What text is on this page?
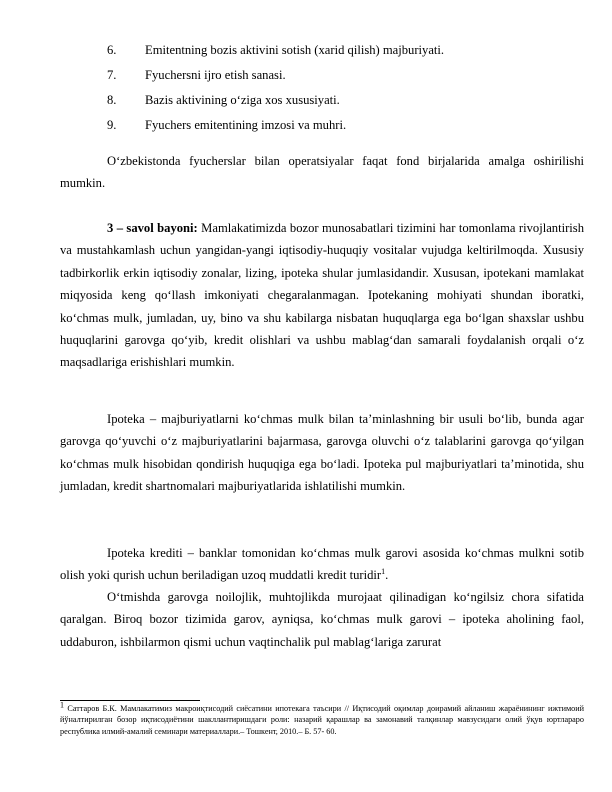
6. Emitentning bozis aktivini sotish (xarid qilish) majburiyati.
7. Fyuchersni ijro etish sanasi.
8. Bazis aktivining o‘ziga xos xususiyati.
9. Fyuchers emitentining imzosi va muhri.

O‘zbekistonda fyucherslar bilan operatsiyalar faqat fond birjalarida amalga oshirilishi mumkin.

3 – savol bayoni: Mamlakatimizda bozor munosabatlari tizimini har tomonlama rivojlantirish va mustahkamlash uchun yangidan-yangi iqtisodiy-huquqiy vositalar vujudga keltirilmoqda. Xususiy tadbirkorlik erkin iqtisodiy zonalar, lizing, ipoteka shular jumlasidandir. Xususan, ipotekani mamlakat miqyosida keng qo‘llash imkoniyati chegaralanmagan. Ipotekaning mohiyati shundan iboratki, ko‘chmas mulk, jumladan, uy, bino va shu kabilarga nisbatan huquqlarga ega bo‘lgan shaxslar ushbu huquqlarini garovga qo‘yib, kredit olishlari va ushbu mablag‘dan samarali foydalanish orqali o‘z maqsadlariga erishishlari mumkin.

Ipoteka – majburiyatlarni ko‘chmas mulk bilan ta’minlashning bir usuli bo‘lib, bunda agar garovga qo‘yuvchi o‘z majburiyatlarini bajarmasa, garovga oluvchi o‘z talablarini garovga qo‘yilgan ko‘chmas mulk hisobidan qondirish huquqiga ega bo‘ladi. Ipoteka pul majburiyatlari ta’minotida, shu jumladan, kredit shartnomalari majburiyatlarida ishlatilishi mumkin.

Ipoteka krediti – banklar tomonidan ko‘chmas mulk garovi asosida ko‘chmas mulkni sotib olish yoki qurish uchun beriladigan uzoq muddatli kredit turidir$^1$.

O‘tmishda garovga noilojlik, muhtojlikda murojaat qilinadigan ko‘ngilsiz chora sifatida qaralgan. Biroq bozor tizimida garov, ayniqsa, ko‘chmas mulk garovi – ipoteka aholining faol, uddaburon, ishbilarmon qismi uchun vaqtinchalik pul mablag‘lariga zarurat

$^1$ Саттаров Б.К. Мамлакатимиз макроиқтисодий сиёсатини ипотекага таъсири // Иқтисодий оқимлар доирамий айланиш жараёнининг ижтимоий йўналтирилган бозор иқтисодиётини шакллантиришдаги роли: назарий қарашлар ва замонавий талқинлар мавзусидаги олий ўқув юртлараро республика илмий-амалий семинари материаллари.– Тошкент, 2010.– Б. 57- 60.
